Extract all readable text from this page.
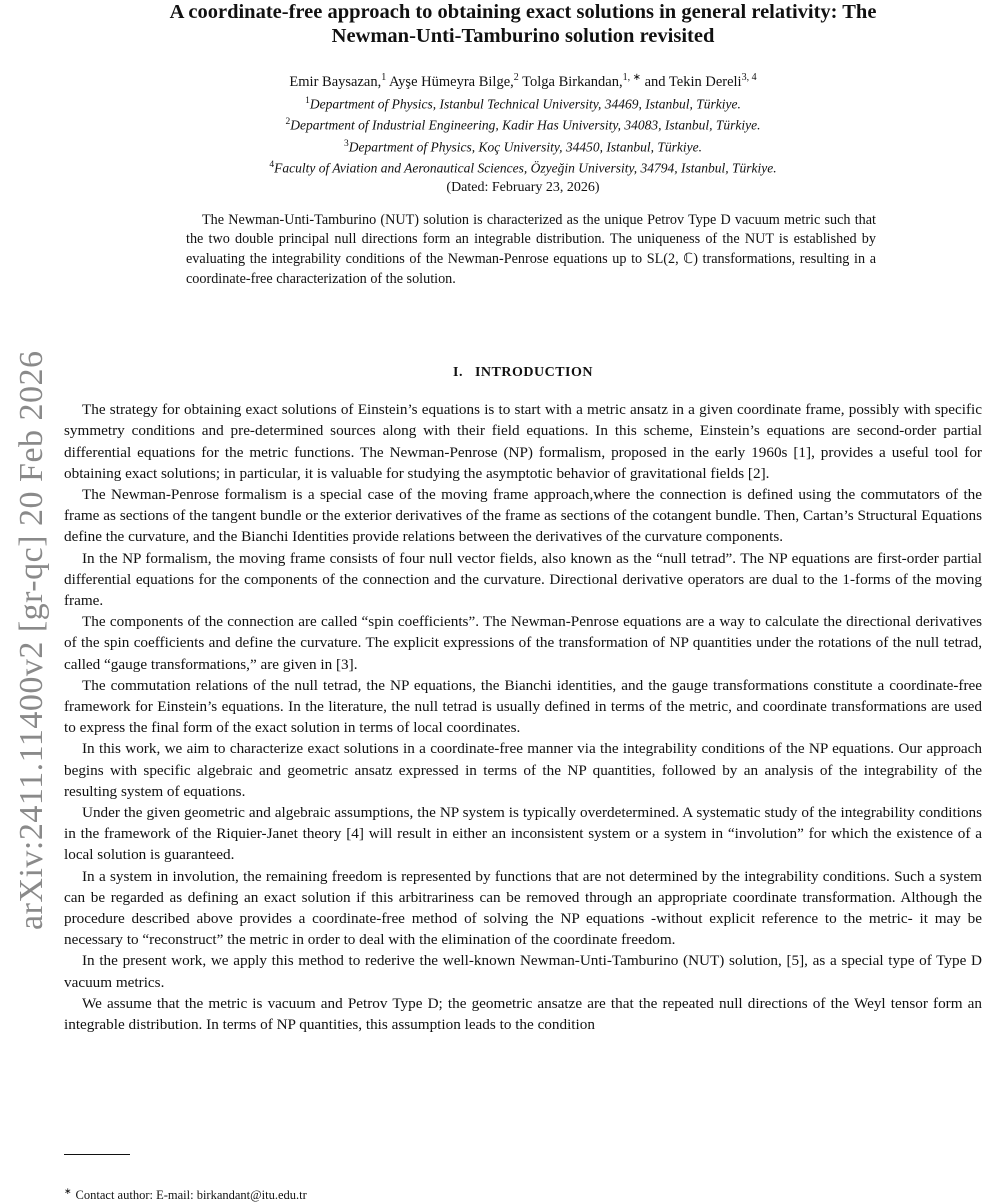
arXiv:2411.11400v2 [gr-qc] 20 Feb 2026
A coordinate-free approach to obtaining exact solutions in general relativity: The
Newman-Unti-Tamburino solution revisited
Emir Baysazan,$^1$ Ayşe Hümeyra Bilge,$^2$ Tolga Birkandan,$^{1, ∗}$ and Tekin Dereli$^{3, 4}$
$^1$Department of Physics, Istanbul Technical University, 34469, Istanbul, Türkiye.
$^2$Department of Industrial Engineering, Kadir Has University, 34083, Istanbul, Türkiye.
$^3$Department of Physics, Koç University, 34450, Istanbul, Türkiye.
$^4$Faculty of Aviation and Aeronautical Sciences, Özyeğin University, 34794, Istanbul, Türkiye.
(Dated: February 23, 2026)

The Newman-Unti-Tamburino (NUT) solution is characterized as the unique Petrov Type D vacuum metric such that the two double principal null directions form an integrable distribution. The uniqueness of the NUT is established by evaluating the integrability conditions of the Newman-Penrose equations up to SL(2, ℂ) transformations, resulting in a coordinate-free characterization of the solution.

I. INTRODUCTION

The strategy for obtaining exact solutions of Einstein’s equations is to start with a metric ansatz in a given coordinate frame, possibly with specific symmetry conditions and pre-determined sources along with their field equations. In this scheme, Einstein’s equations are second-order partial differential equations for the metric functions. The Newman-Penrose (NP) formalism, proposed in the early 1960s [1], provides a useful tool for obtaining exact solutions; in particular, it is valuable for studying the asymptotic behavior of gravitational fields [2].

The Newman-Penrose formalism is a special case of the moving frame approach,where the connection is defined using the commutators of the frame as sections of the tangent bundle or the exterior derivatives of the frame as sections of the cotangent bundle. Then, Cartan’s Structural Equations define the curvature, and the Bianchi Identities provide relations between the derivatives of the curvature components.

In the NP formalism, the moving frame consists of four null vector fields, also known as the “null tetrad”. The NP equations are first-order partial differential equations for the components of the connection and the curvature. Directional derivative operators are dual to the 1-forms of the moving frame.

The components of the connection are called “spin coefficients”. The Newman-Penrose equations are a way to calculate the directional derivatives of the spin coefficients and define the curvature. The explicit expressions of the transformation of NP quantities under the rotations of the null tetrad, called “gauge transformations,” are given in [3].

The commutation relations of the null tetrad, the NP equations, the Bianchi identities, and the gauge transformations constitute a coordinate-free framework for Einstein’s equations. In the literature, the null tetrad is usually defined in terms of the metric, and coordinate transformations are used to express the final form of the exact solution in terms of local coordinates.

In this work, we aim to characterize exact solutions in a coordinate-free manner via the integrability conditions of the NP equations. Our approach begins with specific algebraic and geometric ansatz expressed in terms of the NP quantities, followed by an analysis of the integrability of the resulting system of equations.

Under the given geometric and algebraic assumptions, the NP system is typically overdetermined. A systematic study of the integrability conditions in the framework of the Riquier-Janet theory [4] will result in either an inconsistent system or a system in “involution” for which the existence of a local solution is guaranteed.

In a system in involution, the remaining freedom is represented by functions that are not determined by the integrability conditions. Such a system can be regarded as defining an exact solution if this arbitrariness can be removed through an appropriate coordinate transformation. Although the procedure described above provides a coordinate-free method of solving the NP equations -without explicit reference to the metric- it may be necessary to “reconstruct” the metric in order to deal with the elimination of the coordinate freedom.

In the present work, we apply this method to rederive the well-known Newman-Unti-Tamburino (NUT) solution, [5], as a special type of Type D vacuum metrics.

We assume that the metric is vacuum and Petrov Type D; the geometric ansatze are that the repeated null directions of the Weyl tensor form an integrable distribution. In terms of NP quantities, this assumption leads to the condition

∗ Contact author: E-mail: birkandant@itu.edu.tr
